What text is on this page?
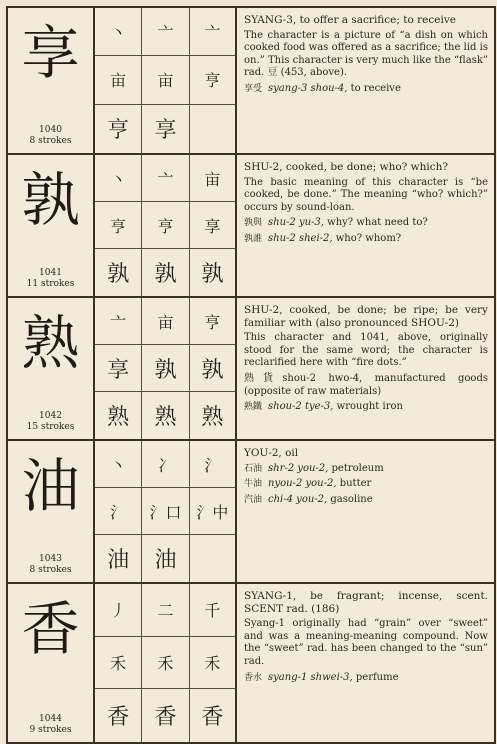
享
1040
8 strokes
丶	亠	亠
亩	亩	亨
亨	享

SYANG-3, to offer a sacrifice; to receive

The character is a picture of “a dish on which cooked food was offered as a sacrifice; the lid is on.” This character is very much like the “flask” rad. 豆 (453, above).

享受 syang-3 shou-4, to receive

孰
1041
11 strokes
丶	亠	亩
亨	亨	享
孰	孰	孰

SHU-2, cooked, be done; who? which?

The basic meaning of this character is “be cooked, be done.” The meaning “who? which?” occurs by sound-loan.

孰與 shu-2 yu-3, why? what need to?

孰誰 shu-2 shei-2, who? whom?

熟
1042
15 strokes
亠	亩	亨
享	孰	孰
熟	熟	熟

SHU-2, cooked, be done; be ripe; be very familiar with (also pronounced SHOU-2)

This character and 1041, above, originally stood for the same word; the character is reclarified here with “fire dots.”

熟貨shou-2 hwo-4, manufactured goods (opposite of raw materials)

熟鐵 shou-2 tye-3, wrought iron

油
1043
8 strokes
丶	冫	氵
氵	氵口 氵中
油	油

YOU-2, oil

石油 shr-2 you-2, petroleum

牛油 nyou-2 you-2, butter

汽油 chi-4 you-2, gasoline

香
1044
9 strokes
丿	二	千
禾	禾	禾
香	香	香

SYANG-1, be fragrant; incense, scent. SCENT rad. (186)

Syang-1 originally had “grain” over “sweet” and was a meaning-meaning compound. Now the “sweet” rad. has been changed to the “sun” rad.

香水 syang-1 shwei-3, perfume
